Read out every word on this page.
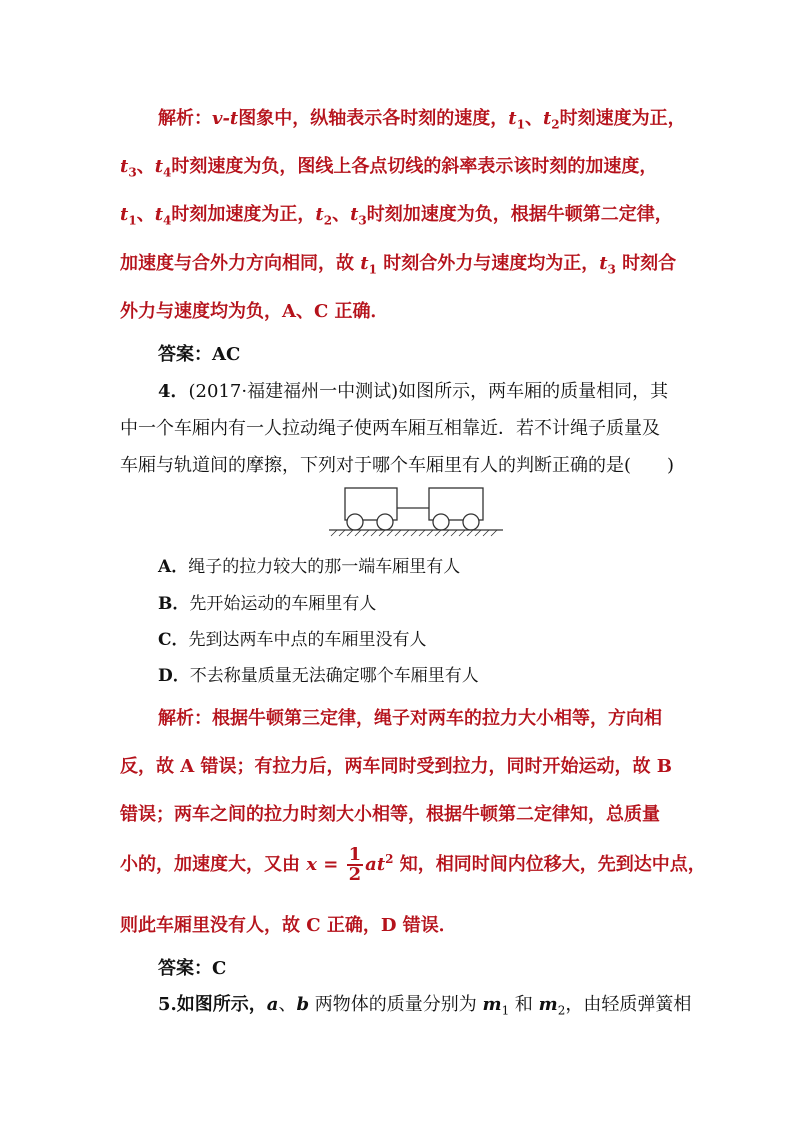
解析：v-t图象中，纵轴表示各时刻的速度，$t_1$、$t_2$时刻速度为正，
$t_3$、$t_4$时刻速度为负，图线上各点切线的斜率表示该时刻的加速度，
$t_1$、$t_4$时刻加速度为正，$t_2$、$t_3$时刻加速度为负，根据牛顿第二定律，
加速度与合外力方向相同，故 $t_1$ 时刻合外力与速度均为正，$t_3$ 时刻合
外力与速度均为负，A、C 正确．
答案：AC
4．(2017·福建福州一中测试)如图所示，两车厢的质量相同，其
中一个车厢内有一人拉动绳子使两车厢互相靠近．若不计绳子质量及
车厢与轨道间的摩擦，下列对于哪个车厢里有人的判断正确的是(　　)
A．绳子的拉力较大的那一端车厢里有人
B．先开始运动的车厢里有人
C．先到达两车中点的车厢里没有人
D．不去称量质量无法确定哪个车厢里有人
解析：根据牛顿第三定律，绳子对两车的拉力大小相等，方向相
反，故 A 错误；有拉力后，两车同时受到拉力，同时开始运动，故 B
错误；两车之间的拉力时刻大小相等，根据牛顿第二定律知，总质量
小的，加速度大，又由 $x = \frac{1}{2} at^2$ 知，相同时间内位移大，先到达中点，
则此车厢里没有人，故 C 正确，D 错误．
答案：C
5.如图所示，a、b 两物体的质量分别为 $m_1$ 和 $m_2$，由轻质弹簧相
